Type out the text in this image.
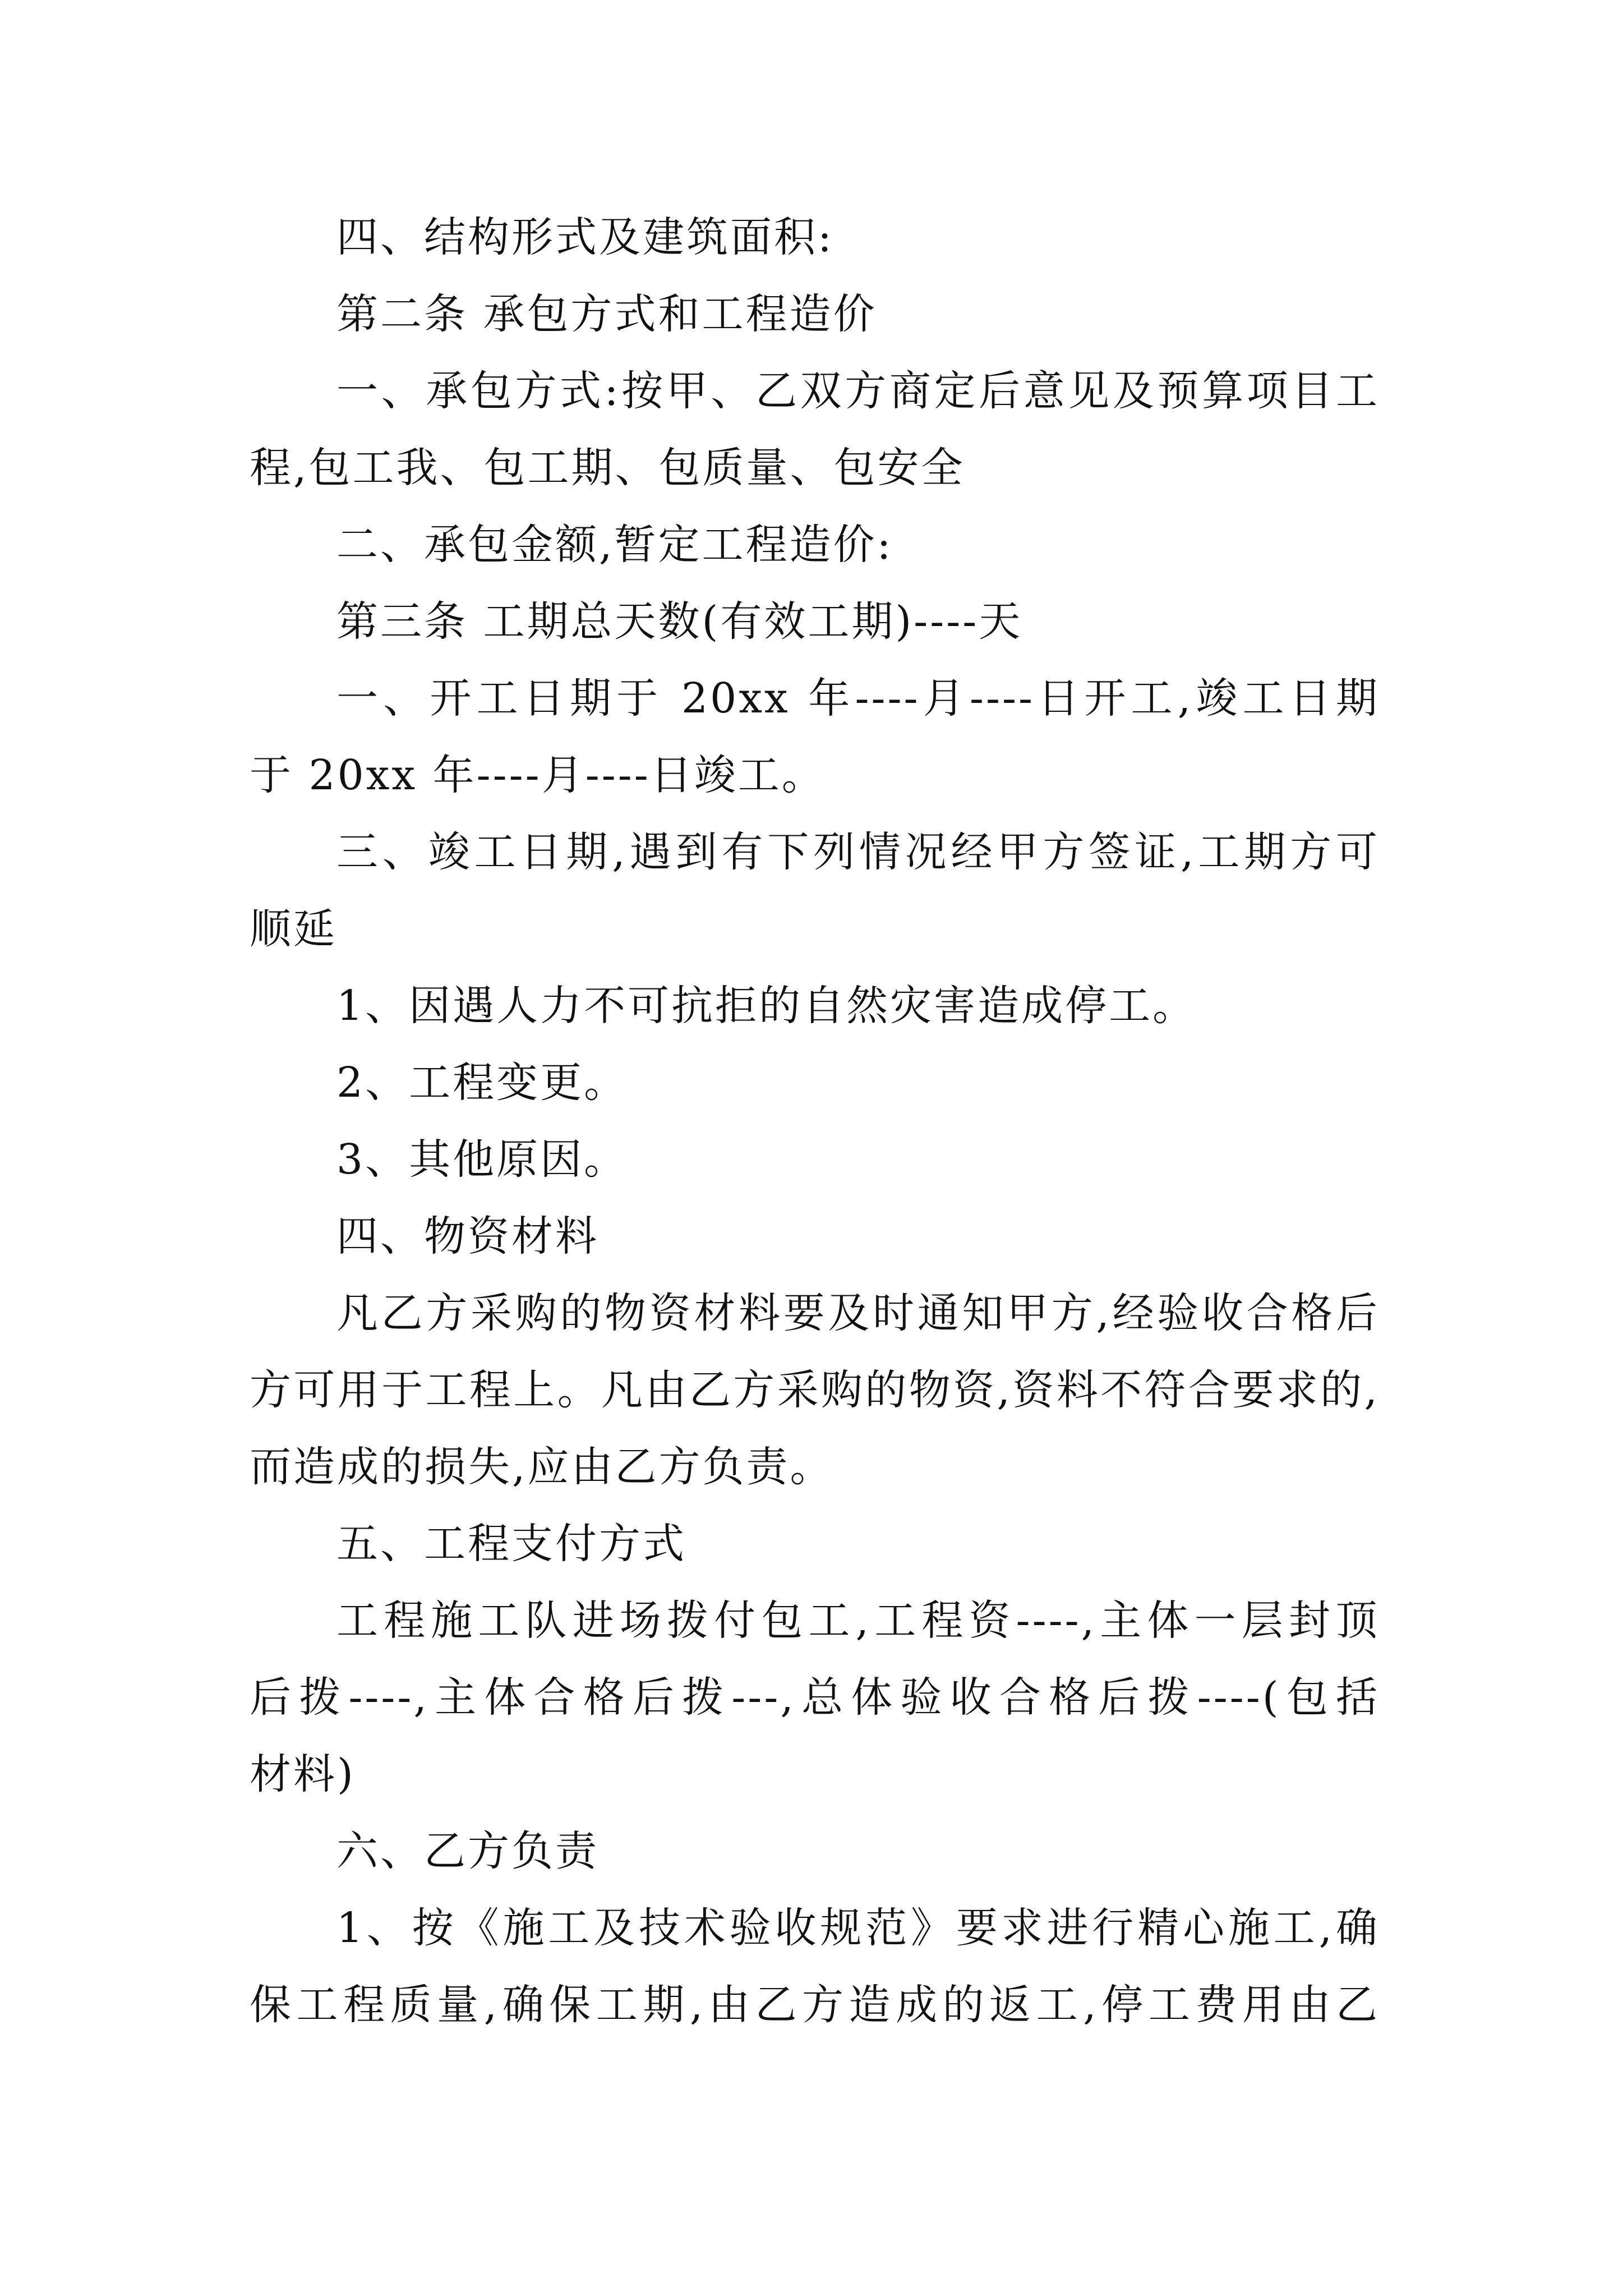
四、结构形式及建筑面积:
第二条 承包方式和工程造价
一、承包方式:按甲、乙双方商定后意见及预算项目工
程,包工我、包工期、包质量、包安全
二、承包金额,暂定工程造价:
第三条 工期总天数(有效工期)----天
一、开工日期于 20xx 年----月----日开工,竣工日期
于 20xx 年----月----日竣工。
三、竣工日期,遇到有下列情况经甲方签证,工期方可
顺延
1、因遇人力不可抗拒的自然灾害造成停工。
2、工程变更。
3、其他原因。
四、物资材料
凡乙方采购的物资材料要及时通知甲方,经验收合格后
方可用于工程上。凡由乙方采购的物资,资料不符合要求的,
而造成的损失,应由乙方负责。
五、工程支付方式
工程施工队进场拨付包工,工程资----,主体一层封顶
后拨----,主体合格后拨---,总体验收合格后拨----(包括
材料)
六、乙方负责
1、按《施工及技术验收规范》要求进行精心施工,确
保工程质量,确保工期,由乙方造成的返工,停工费用由乙
